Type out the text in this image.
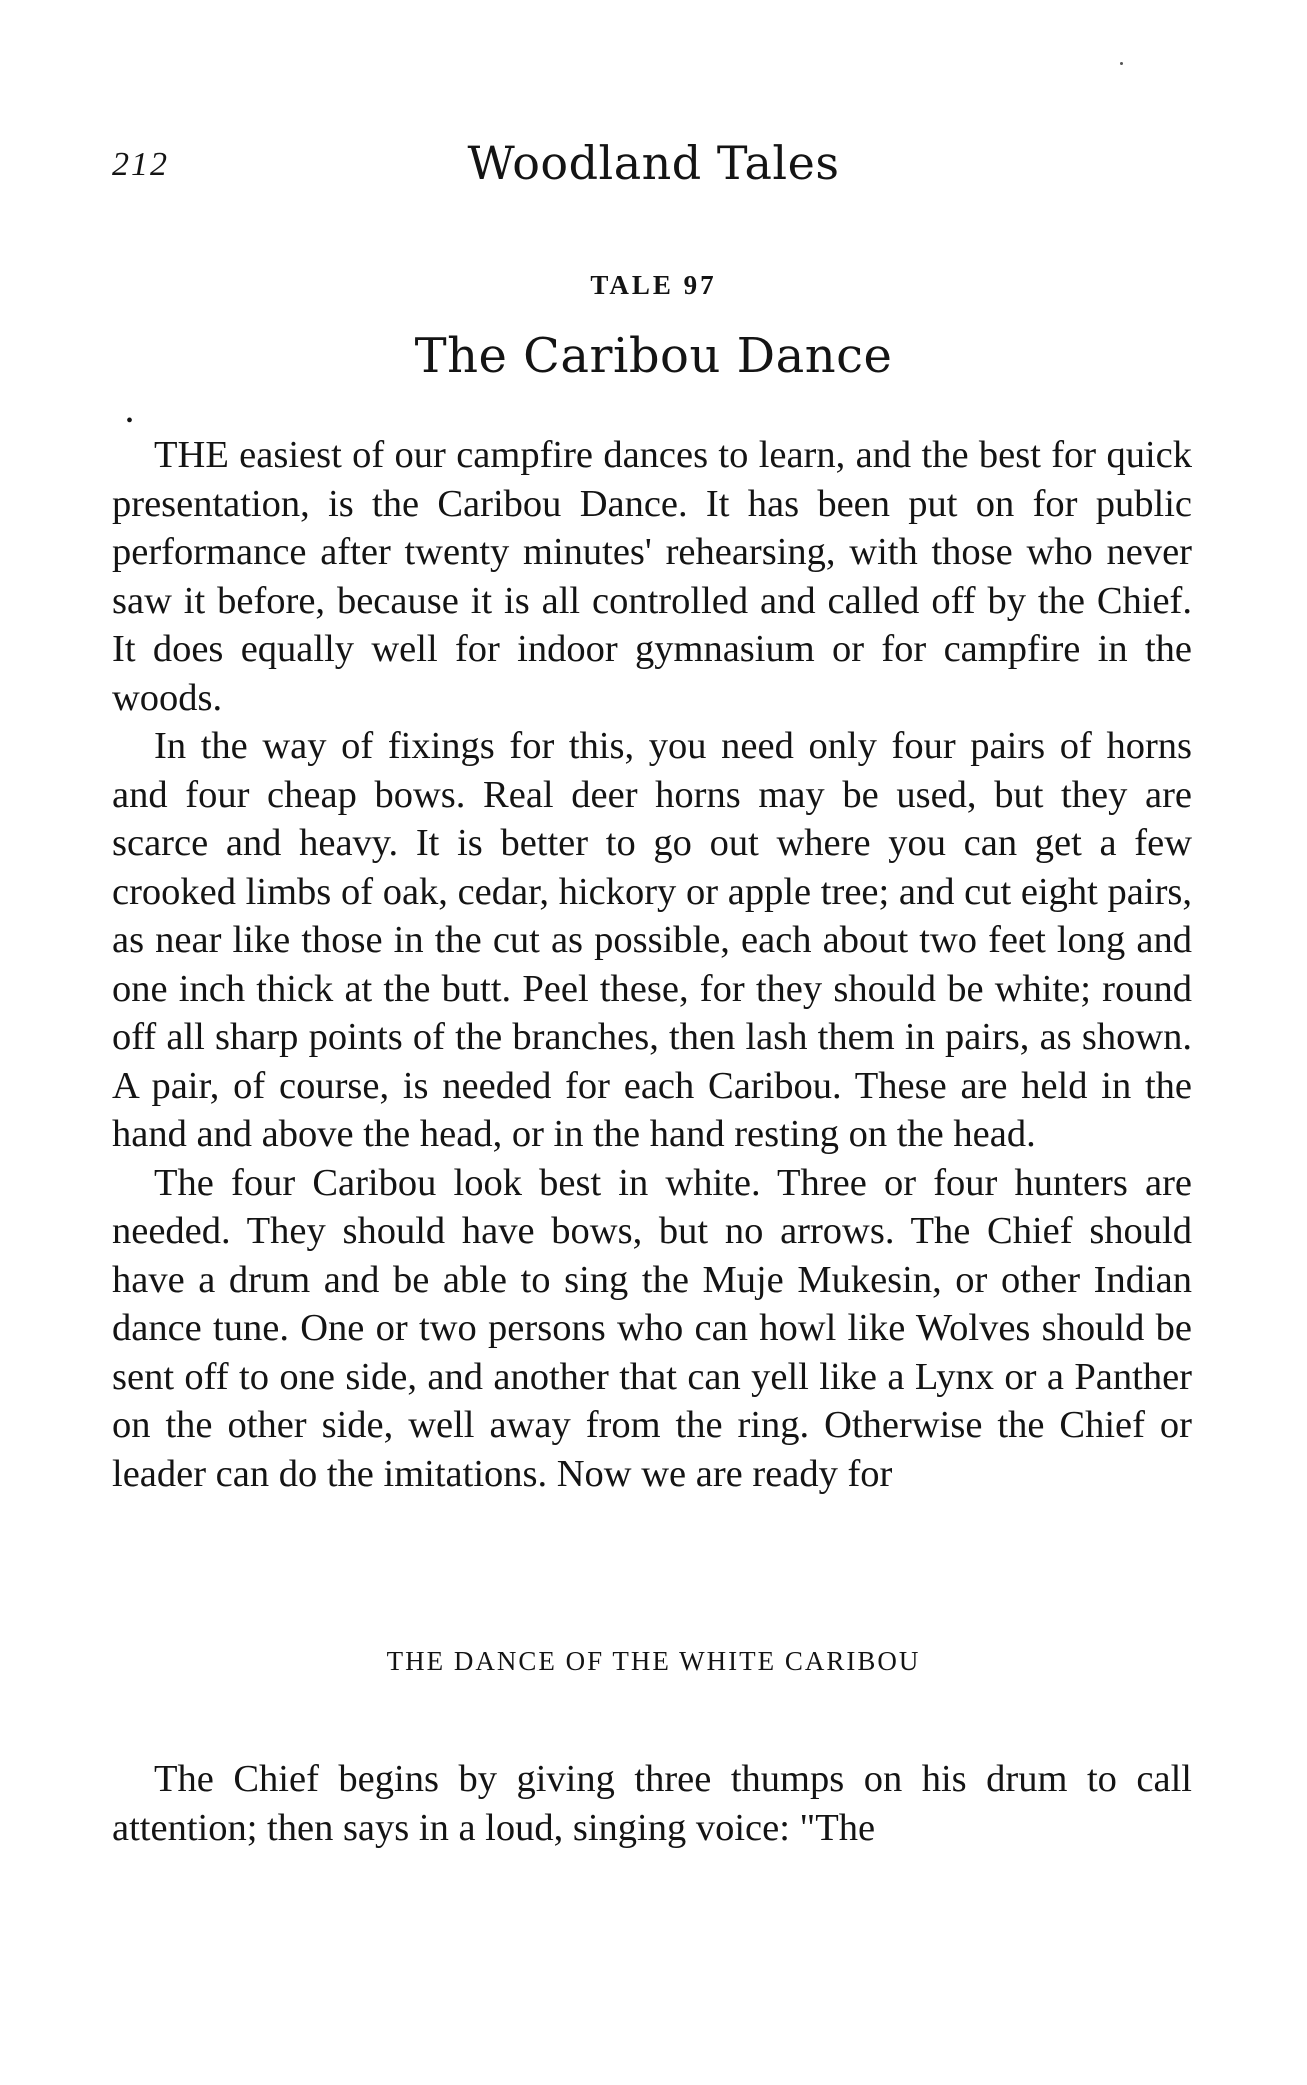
212	Woodland Tales
TALE 97
The Caribou Dance
•

THE easiest of our campfire dances to learn, and the best for quick presentation, is the Caribou Dance. It has been put on for public performance after twenty minutes' rehearsing, with those who never saw it before, because it is all controlled and called off by the Chief. It does equally well for indoor gymnasium or for campfire in the woods.

In the way of fixings for this, you need only four pairs of horns and four cheap bows. Real deer horns may be used, but they are scarce and heavy. It is better to go out where you can get a few crooked limbs of oak, cedar, hickory or apple tree; and cut eight pairs, as near like those in the cut as possible, each about two feet long and one inch thick at the butt. Peel these, for they should be white; round off all sharp points of the branches, then lash them in pairs, as shown. A pair, of course, is needed for each Caribou. These are held in the hand and above the head, or in the hand resting on the head.

The four Caribou look best in white. Three or four hunters are needed. They should have bows, but no arrows. The Chief should have a drum and be able to sing the Muje Mukesin, or other Indian dance tune. One or two persons who can howl like Wolves should be sent off to one side, and another that can yell like a Lynx or a Panther on the other side, well away from the ring. Otherwise the Chief or leader can do the imitations. Now we are ready for

THE DANCE OF THE WHITE CARIBOU

The Chief begins by giving three thumps on his drum to call attention; then says in a loud, singing voice: "The
